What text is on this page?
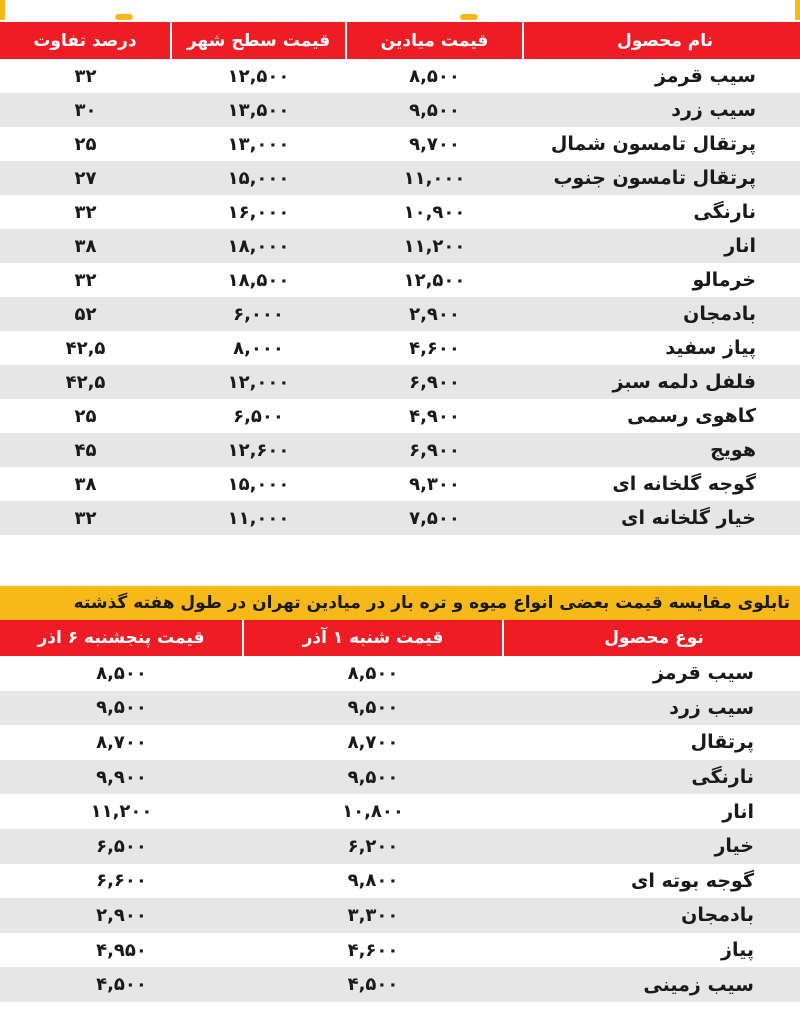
نام محصول	قیمت میادین	قیمت سطح شهر	درصد تفاوت
سیب قرمز	۸,۵۰۰	۱۲,۵۰۰	۳۲
سیب زرد	۹,۵۰۰	۱۳,۵۰۰	۳۰
پرتقال تامسون شمال	۹,۷۰۰	۱۳,۰۰۰	۲۵
پرتقال تامسون جنوب	۱۱,۰۰۰	۱۵,۰۰۰	۲۷
نارنگی	۱۰,۹۰۰	۱۶,۰۰۰	۳۲
انار	۱۱,۲۰۰	۱۸,۰۰۰	۳۸
خرمالو	۱۲,۵۰۰	۱۸,۵۰۰	۳۲
بادمجان	۲,۹۰۰	۶,۰۰۰	۵۲
پیاز سفید	۴,۶۰۰	۸,۰۰۰	۴۲,۵
فلفل دلمه سبز	۶,۹۰۰	۱۲,۰۰۰	۴۲,۵
کاهوی رسمی	۴,۹۰۰	۶,۵۰۰	۲۵
هویج	۶,۹۰۰	۱۲,۶۰۰	۴۵
گوجه گلخانه ای	۹,۳۰۰	۱۵,۰۰۰	۳۸
خیار گلخانه ای	۷,۵۰۰	۱۱,۰۰۰	۳۲
تابلوی مقایسه قیمت بعضی انواع میوه و تره بار در میادین تهران در طول هفته گذشته
نوع محصول	قیمت شنبه ۱ آذر	قیمت پنجشنبه ۶ اذر
سیب قرمز	۸,۵۰۰	۸,۵۰۰
سیب زرد	۹,۵۰۰	۹,۵۰۰
پرتقال	۸,۷۰۰	۸,۷۰۰
نارنگی	۹,۵۰۰	۹,۹۰۰
انار	۱۰,۸۰۰	۱۱,۲۰۰
خیار	۶,۲۰۰	۶,۵۰۰
گوجه بوته ای	۹,۸۰۰	۶,۶۰۰
بادمجان	۳,۳۰۰	۲,۹۰۰
پیاز	۴,۶۰۰	۴,۹۵۰
سیب زمینی	۴,۵۰۰	۴,۵۰۰
